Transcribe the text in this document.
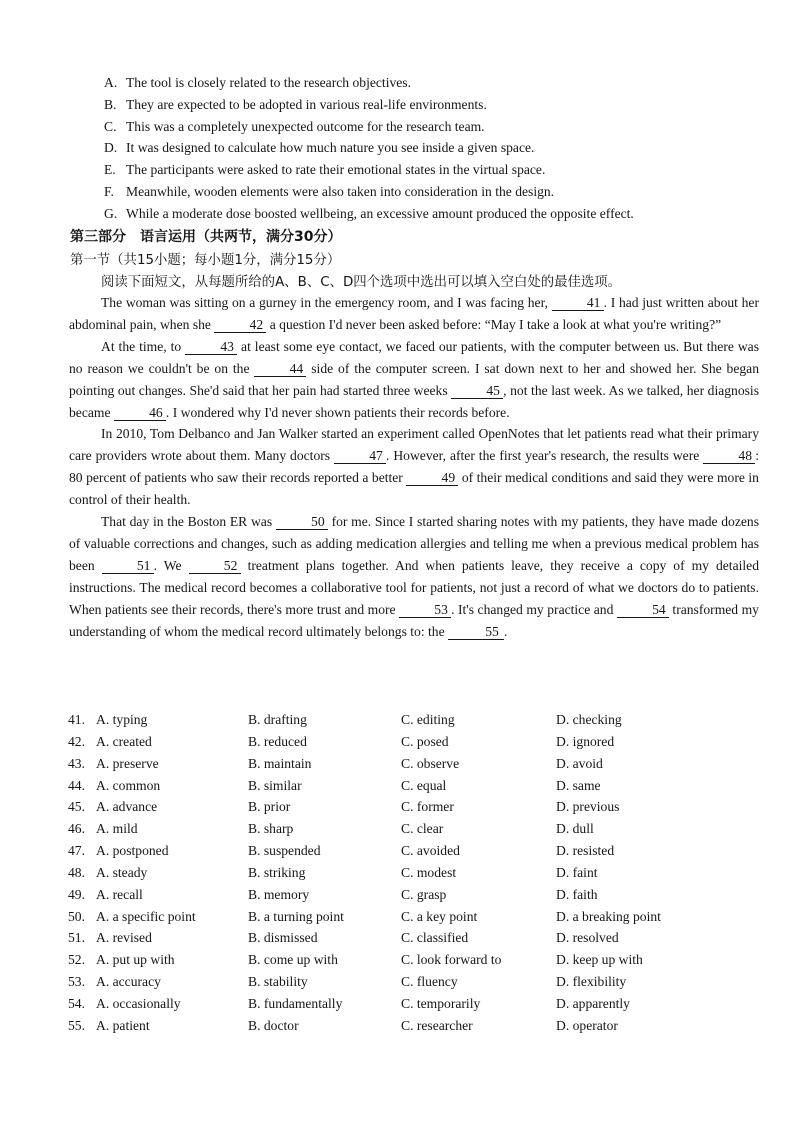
A. The tool is closely related to the research objectives.
B. They are expected to be adopted in various real-life environments.
C. This was a completely unexpected outcome for the research team.
D. It was designed to calculate how much nature you see inside a given space.
E. The participants were asked to rate their emotional states in the virtual space.
F. Meanwhile, wooden elements were also taken into consideration in the design.
G. While a moderate dose boosted wellbeing, an excessive amount produced the opposite effect.
第三部分　语言运用（共两节，满分30分）
第一节（共15小题；每小题1分，满分15分）
阅读下面短文，从每题所给的A、B、C、D四个选项中选出可以填入空白处的最佳选项。

The woman was sitting on a gurney in the emergency room, and I was facing her,	41 . I had just written about her abdominal pain, when she	42 a question I'd never been asked before: “May I take a look at what you're writing?”

At the time, to	43 at least some eye contact, we faced our patients, with the computer between us. But there was no reason we couldn't be on the	44 side of the computer screen. I sat down next to her and showed her. She began pointing out changes. She'd said that her pain had started three weeks	45 , not the last week. As we talked, her diagnosis became	46 . I wondered why I'd never shown patients their records before.

In 2010, Tom Delbanco and Jan Walker started an experiment called OpenNotes that let patients read what their primary care providers wrote about them. Many doctors	47 . However, after the first year's research, the results were	48 : 80 percent of patients who saw their records reported a better	49 of their medical conditions and said they were more in control of their health.

That day in the Boston ER was	50 for me. Since I started sharing notes with my patients, they have made dozens of valuable corrections and changes, such as adding medication allergies and telling me when a previous medical problem has been	51 . We	52 treatment plans together. And when patients leave, they receive a copy of my detailed instructions. The medical record becomes a collaborative tool for patients, not just a record of what we doctors do to patients. When patients see their records, there's more trust and more	53 . It's changed my practice and	54 transformed my understanding of whom the medical record ultimately belongs to: the	55 .

41. A. typing	B. drafting	C. editing	D. checking
42. A. created	B. reduced	C. posed	D. ignored
43. A. preserve	B. maintain	C. observe	D. avoid
44. A. common	B. similar	C. equal	D. same
45. A. advance	B. prior	C. former	D. previous
46. A. mild	B. sharp	C. clear	D. dull
47. A. postponed	B. suspended	C. avoided	D. resisted
48. A. steady	B. striking	C. modest	D. faint
49. A. recall	B. memory	C. grasp	D. faith
50. A. a specific point	B. a turning point	C. a key point	D. a breaking point
51. A. revised	B. dismissed	C. classified	D. resolved
52. A. put up with	B. come up with	C. look forward to	D. keep up with
53. A. accuracy	B. stability	C. fluency	D. flexibility
54. A. occasionally	B. fundamentally	C. temporarily	D. apparently
55. A. patient	B. doctor	C. researcher	D. operator
